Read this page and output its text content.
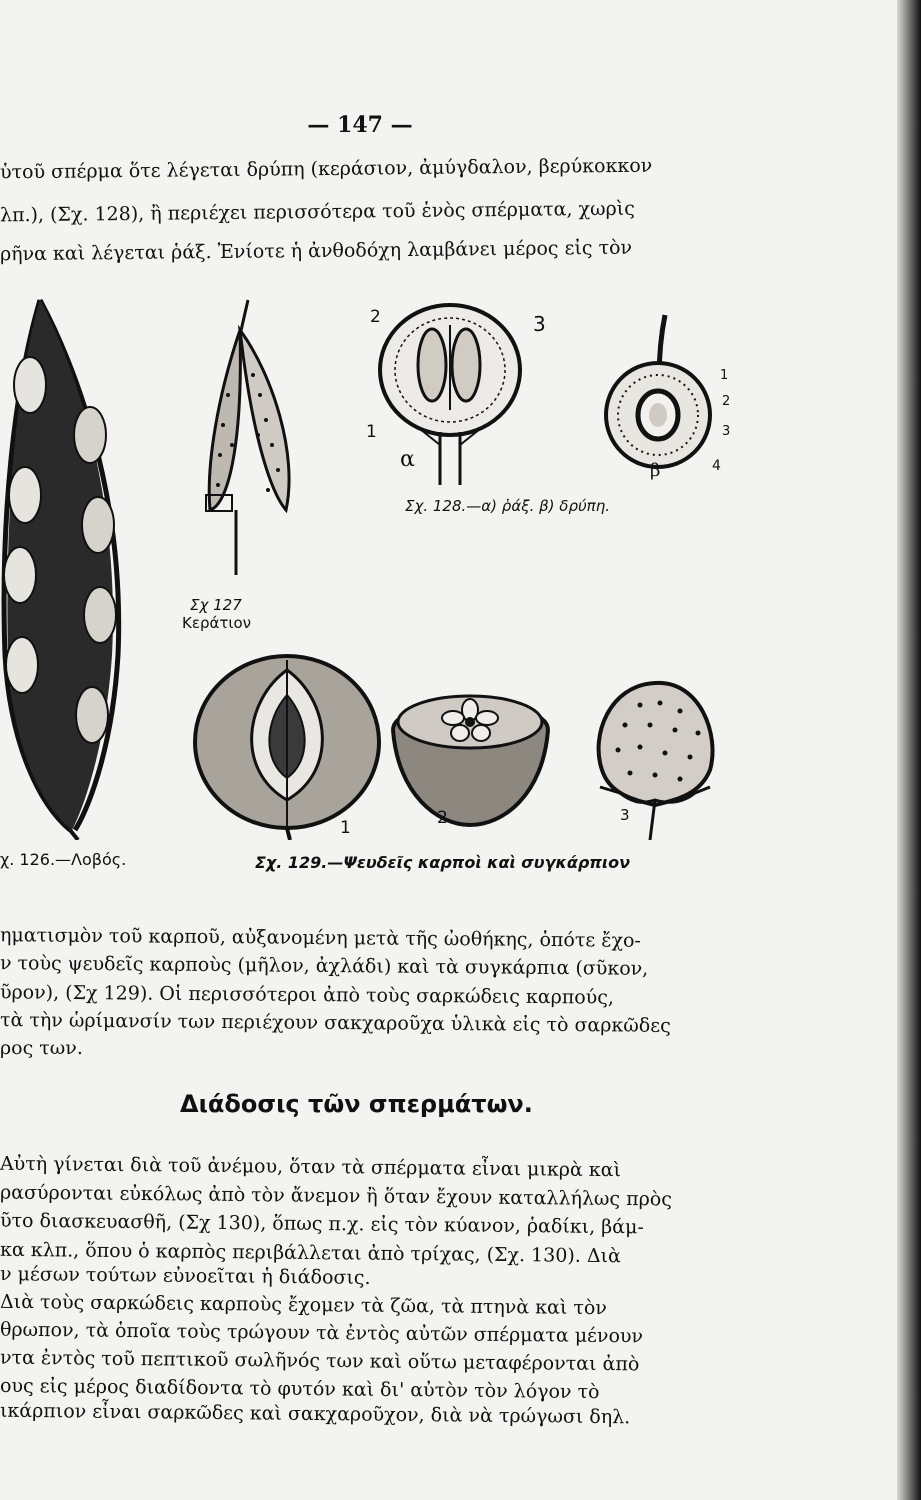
— 147 —
ὑτοῦ σπέρμα ὅτε λέγεται δρύπη (κεράσιον, ἀμύγδαλον, βερύκοκκον
λπ.), (Σχ. 128), ἢ περιέχει περισσότερα τοῦ ἑνὸς σπέρματα, χωρὶς
ρῆνα καὶ λέγεται ῥάξ. Ἐνίοτε ἡ ἀνθοδόχη λαμβάνει μέρος εἰς τὸν
Σχ 127
Κεράτιον
2	3
1
α
1
2
3
4
β
Σχ. 128.—α) ῥάξ. β) δρύπη.
1	2	3
χ. 126.—Λοβός.	Σχ. 129.—Ψευδεῖς καρποὶ καὶ συγκάρπιον
ηματισμὸν τοῦ καρποῦ, αὐξανομένη μετὰ τῆς ὠοθήκης, ὁπότε ἔχο-
ν τοὺς ψευδεῖς καρποὺς (μῆλον, ἀχλάδι) καὶ τὰ συγκάρπια (σῦκον,
ῦρον), (Σχ 129). Οἱ περισσότεροι ἀπὸ τοὺς σαρκώδεις καρπούς,
τὰ τὴν ὡρίμανσίν των περιέχουν σακχαροῦχα ὑλικὰ εἰς τὸ σαρκῶδες
ρος των.
Διάδοσις τῶν σπερμάτων.
Αὐτὴ γίνεται διὰ τοῦ ἀνέμου, ὅταν τὰ σπέρματα εἶναι μικρὰ καὶ
ρασύρονται εὐκόλως ἀπὸ τὸν ἄνεμον ἢ ὅταν ἔχουν καταλλήλως πρὸς
ῦτο διασκευασθῆ, (Σχ 130), ὅπως π.χ. εἰς τὸν κύανον, ῥαδίκι, βάμ-
κα κλπ., ὅπου ὁ καρπὸς περιβάλλεται ἀπὸ τρίχας, (Σχ. 130). Διὰ
ν μέσων τούτων εὐνοεῖται ἡ διάδοσις.
Διὰ τοὺς σαρκώδεις καρποὺς ἔχομεν τὰ ζῶα, τὰ πτηνὰ καὶ τὸν
θρωπον, τὰ ὁποῖα τοὺς τρώγουν τὰ ἐντὸς αὐτῶν σπέρματα μένουν
ντα ἐντὸς τοῦ πεπτικοῦ σωλῆνός των καὶ οὕτω μεταφέρονται ἀπὸ
ους εἰς μέρος διαδίδοντα τὸ φυτόν καὶ δι' αὐτὸν τὸν λόγον τὸ
ικάρπιον εἶναι σαρκῶδες καὶ σακχαροῦχον, διὰ νὰ τρώγωσι δηλ.
